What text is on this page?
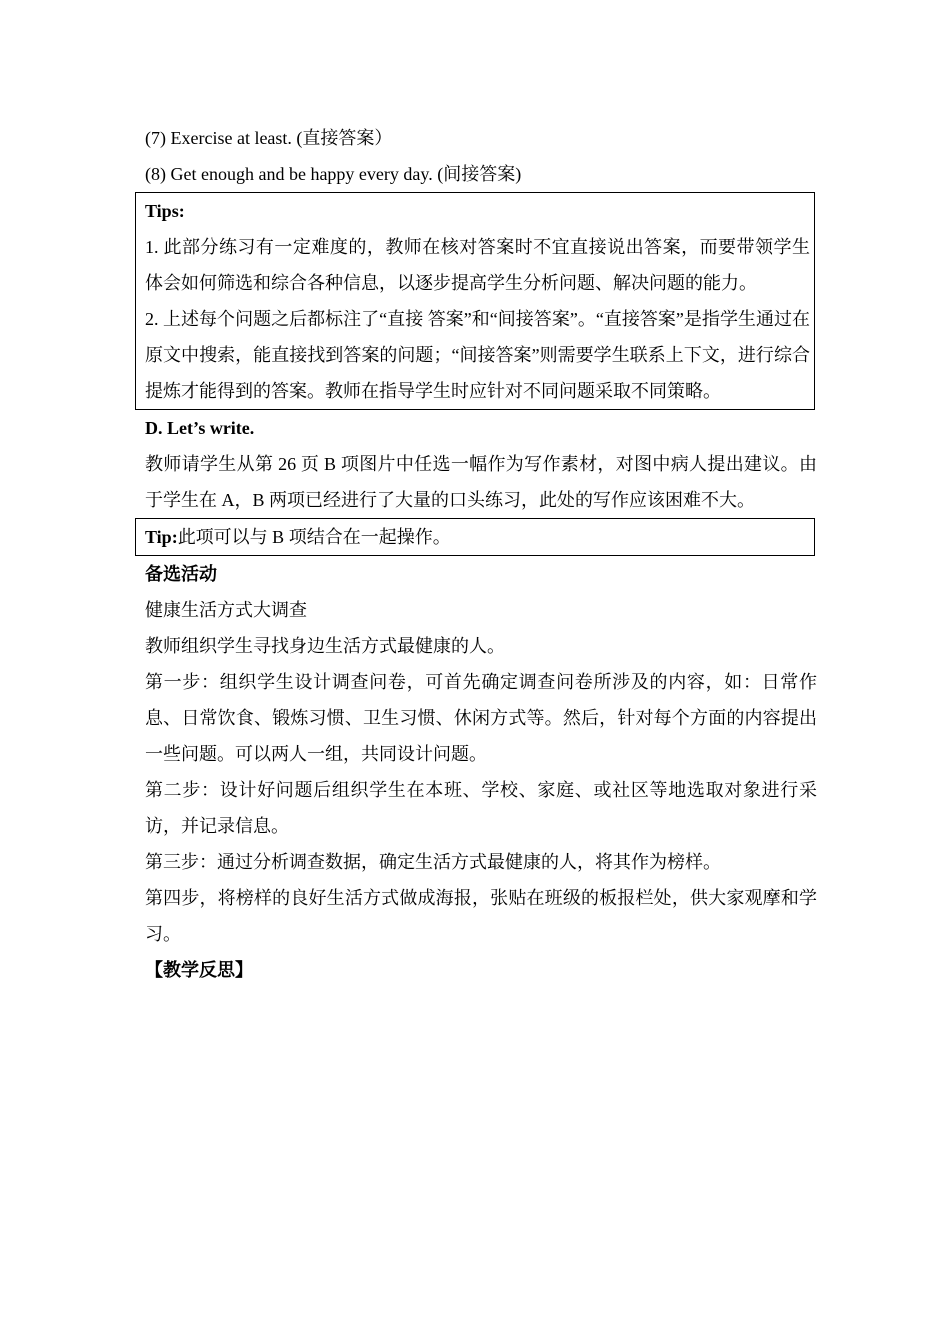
(7) Exercise at least. (直接答案）

(8) Get enough and be happy every day. (间接答案)

Tips:

1. 此部分练习有一定难度的，教师在核对答案时不宜直接说出答案，而要带领学生体会如何筛选和综合各种信息，以逐步提高学生分析问题、解决问题的能力。

2. 上述每个问题之后都标注了“直接 答案”和“间接答案”。“直接答案”是指学生通过在原文中搜索，能直接找到答案的问题；“间接答案”则需要学生联系上下文，进行综合提炼才能得到的答案。教师在指导学生时应针对不同问题采取不同策略。

D. Let’s write.

教师请学生从第 26 页 B 项图片中任选一幅作为写作素材，对图中病人提出建议。由于学生在 A，B 两项已经进行了大量的口头练习，此处的写作应该困难不大。

Tip:此项可以与 B 项结合在一起操作。

备选活动

健康生活方式大调查

教师组织学生寻找身边生活方式最健康的人。

第一步：组织学生设计调查问卷，可首先确定调查问卷所涉及的内容，如：日常作息、日常饮食、锻炼习惯、卫生习惯、休闲方式等。然后，针对每个方面的内容提出一些问题。可以两人一组，共同设计问题。

第二步：设计好问题后组织学生在本班、学校、家庭、或社区等地选取对象进行采访，并记录信息。

第三步：通过分析调查数据，确定生活方式最健康的人，将其作为榜样。

第四步，将榜样的良好生活方式做成海报，张贴在班级的板报栏处，供大家观摩和学习。

【教学反思】
